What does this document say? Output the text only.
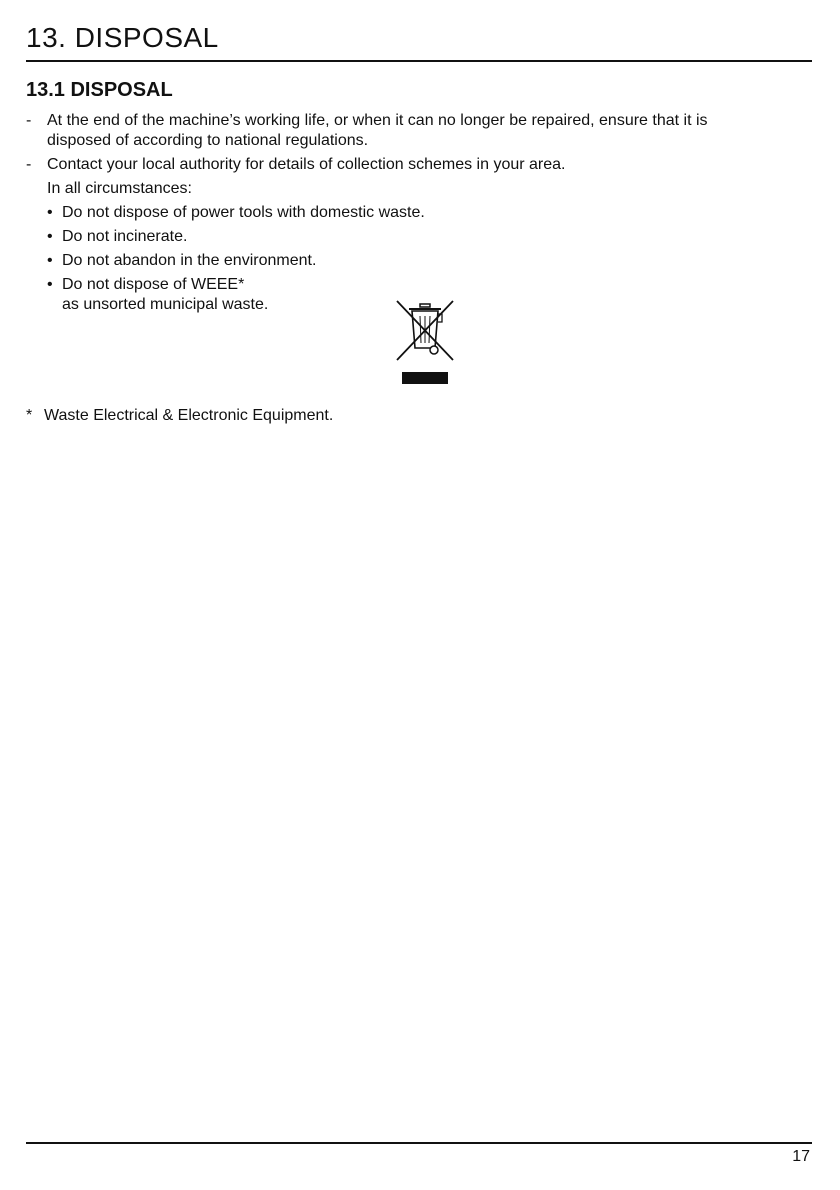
13. DISPOSAL
13.1 DISPOSAL
- At the end of the machine’s working life, or when it can no longer be repaired, ensure that it is
disposed of according to national regulations.
- Contact your local authority for details of collection schemes in your area.
In all circumstances:
• Do not dispose of power tools with domestic waste.
• Do not incinerate.
• Do not abandon in the environment.
• Do not dispose of WEEE*
as unsorted municipal waste.
* Waste Electrical & Electronic Equipment.
17
